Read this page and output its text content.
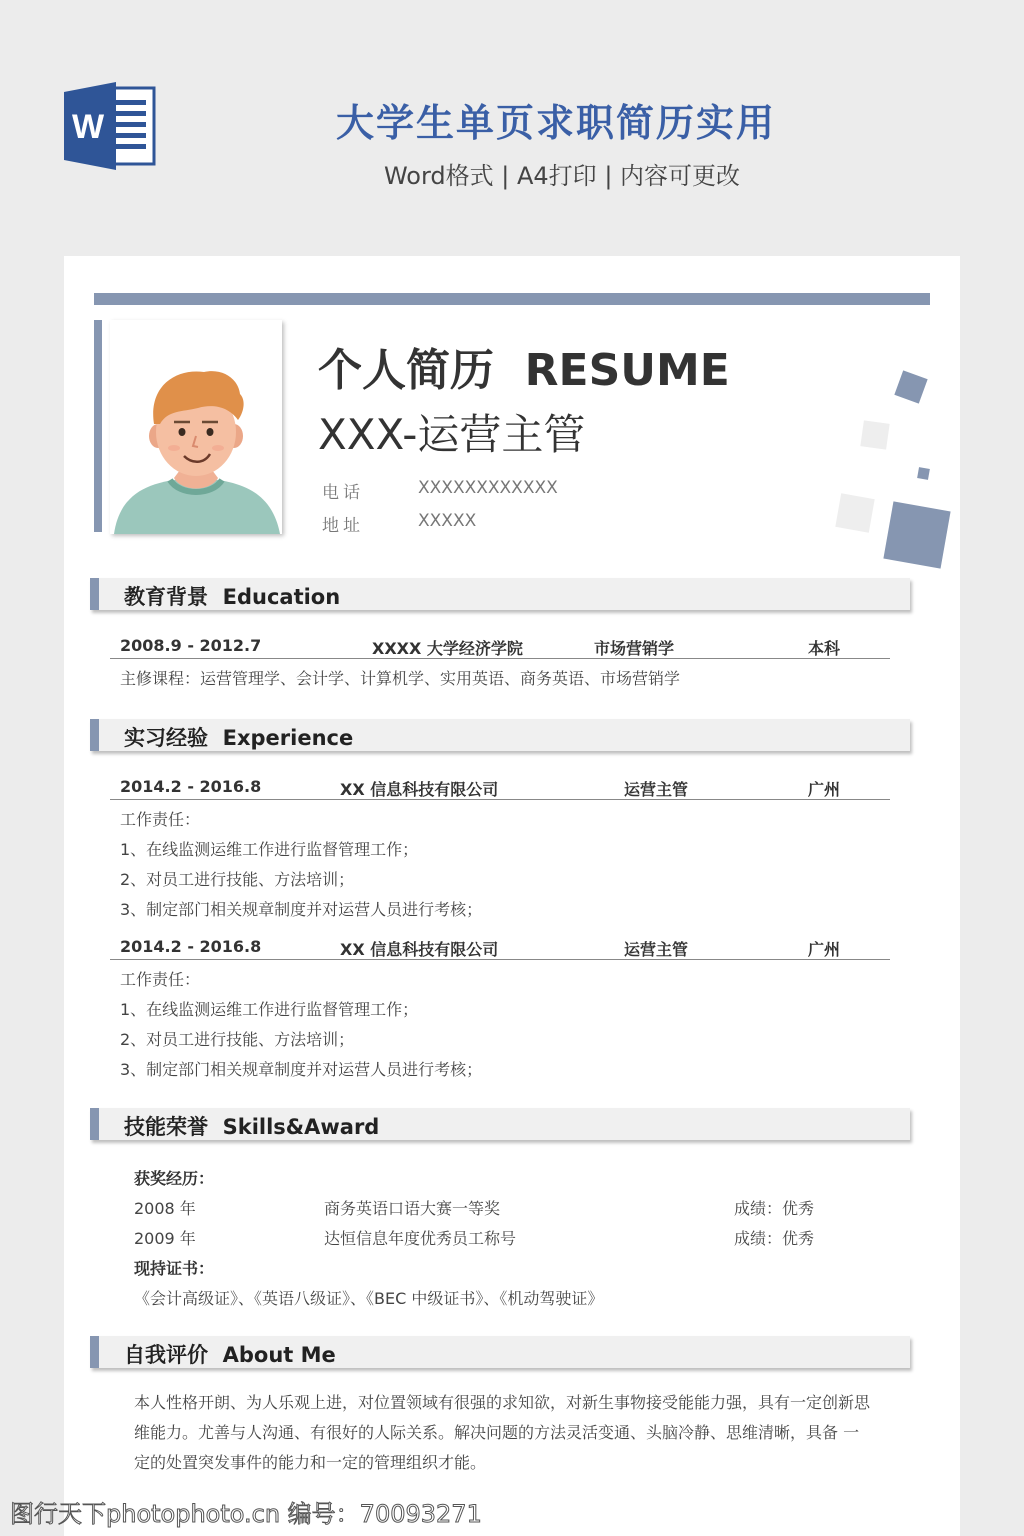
W	大学生单页求职简历实用
Word格式 | A4打印 | 内容可更改
个人简历  RESUME
XXX-运营主管
电话	XXXXXXXXXXXX
地址	XXXXX
教育背景  Education
2008.9 - 2012.7	XXXX 大学经济学院	市场营销学	本科
主修课程：运营管理学、会计学、计算机学、实用英语、商务英语、市场营销学
实习经验  Experience
2014.2 - 2016.8	XX 信息科技有限公司	运营主管	广州
工作责任：
1、在线监测运维工作进行监督管理工作；
2、对员工进行技能、方法培训；
3、制定部门相关规章制度并对运营人员进行考核；
2014.2 - 2016.8	XX 信息科技有限公司	运营主管	广州
工作责任：
1、在线监测运维工作进行监督管理工作；
2、对员工进行技能、方法培训；
3、制定部门相关规章制度并对运营人员进行考核；
技能荣誉  Skills&Award
获奖经历：
2008 年	商务英语口语大赛一等奖	成绩：优秀
2009 年	达恒信息年度优秀员工称号	成绩：优秀
现持证书：
《会计高级证》、《英语八级证》、《BEC 中级证书》、《机动驾驶证》
自我评价  About Me
本人性格开朗、为人乐观上进，对位置领域有很强的求知欲，对新生事物接受能能力强，具有一定创新思维能力。尤善与人沟通、有很好的人际关系。解决问题的方法灵活变通、头脑冷静、思维清晰，具备 一定的处置突发事件的能力和一定的管理组织才能。
图行天下photophoto.cn 编号：70093271
